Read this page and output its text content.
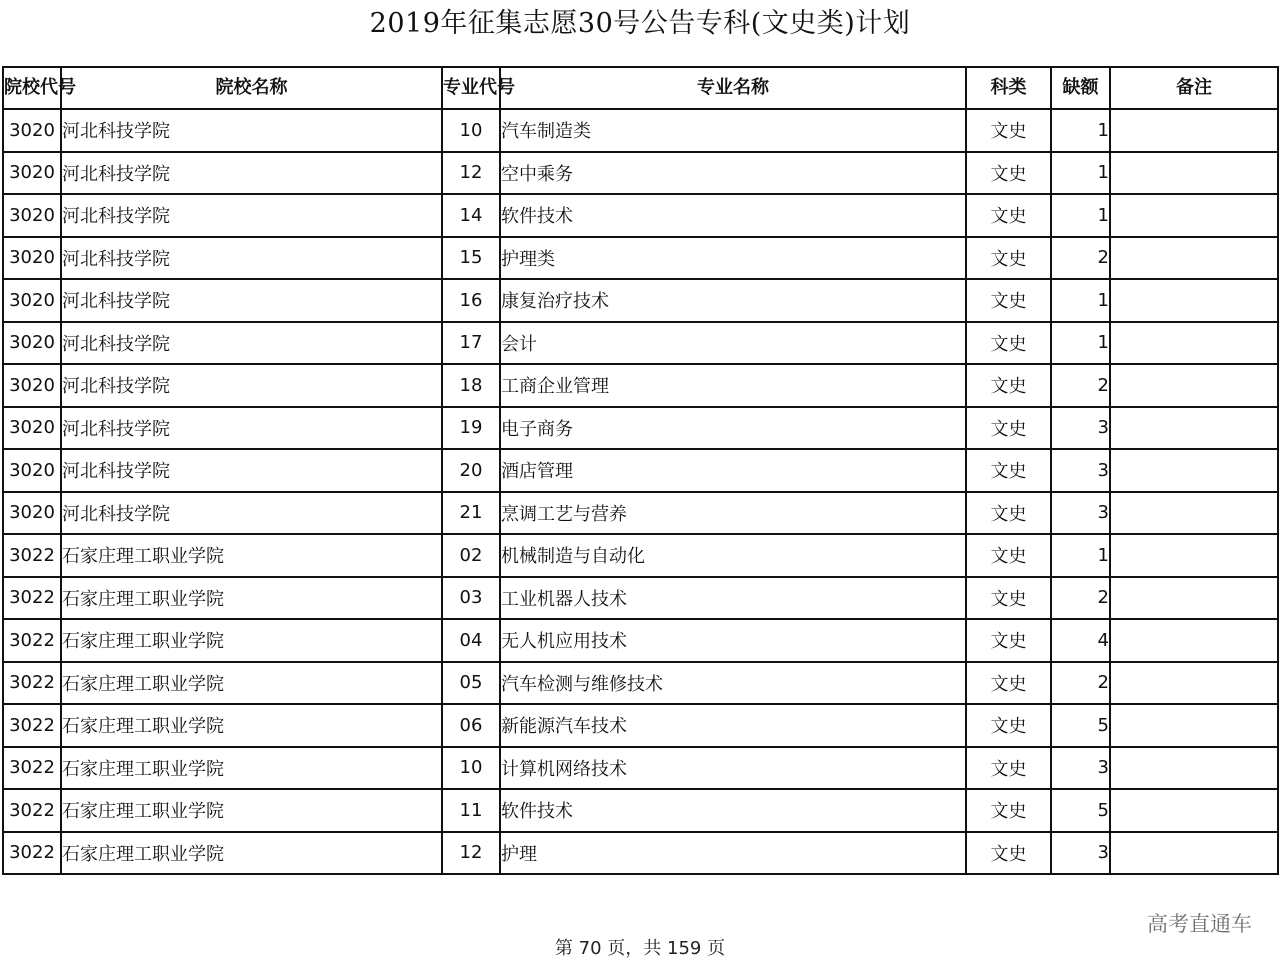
2019年征集志愿30号公告专科(文史类)计划
院校代号	院校名称	专业代号	专业名称	科类	缺额	备注
3020	河北科技学院	10	汽车制造类	文史	1	
3020	河北科技学院	12	空中乘务	文史	1	
3020	河北科技学院	14	软件技术	文史	1	
3020	河北科技学院	15	护理类	文史	2	
3020	河北科技学院	16	康复治疗技术	文史	1	
3020	河北科技学院	17	会计	文史	1	
3020	河北科技学院	18	工商企业管理	文史	2	
3020	河北科技学院	19	电子商务	文史	3	
3020	河北科技学院	20	酒店管理	文史	3	
3020	河北科技学院	21	烹调工艺与营养	文史	3	
3022	石家庄理工职业学院	02	机械制造与自动化	文史	1	
3022	石家庄理工职业学院	03	工业机器人技术	文史	2	
3022	石家庄理工职业学院	04	无人机应用技术	文史	4	
3022	石家庄理工职业学院	05	汽车检测与维修技术	文史	2	
3022	石家庄理工职业学院	06	新能源汽车技术	文史	5	
3022	石家庄理工职业学院	10	计算机网络技术	文史	3	
3022	石家庄理工职业学院	11	软件技术	文史	5	
3022	石家庄理工职业学院	12	护理	文史	3	
高考直通车
第 70 页，共 159 页
